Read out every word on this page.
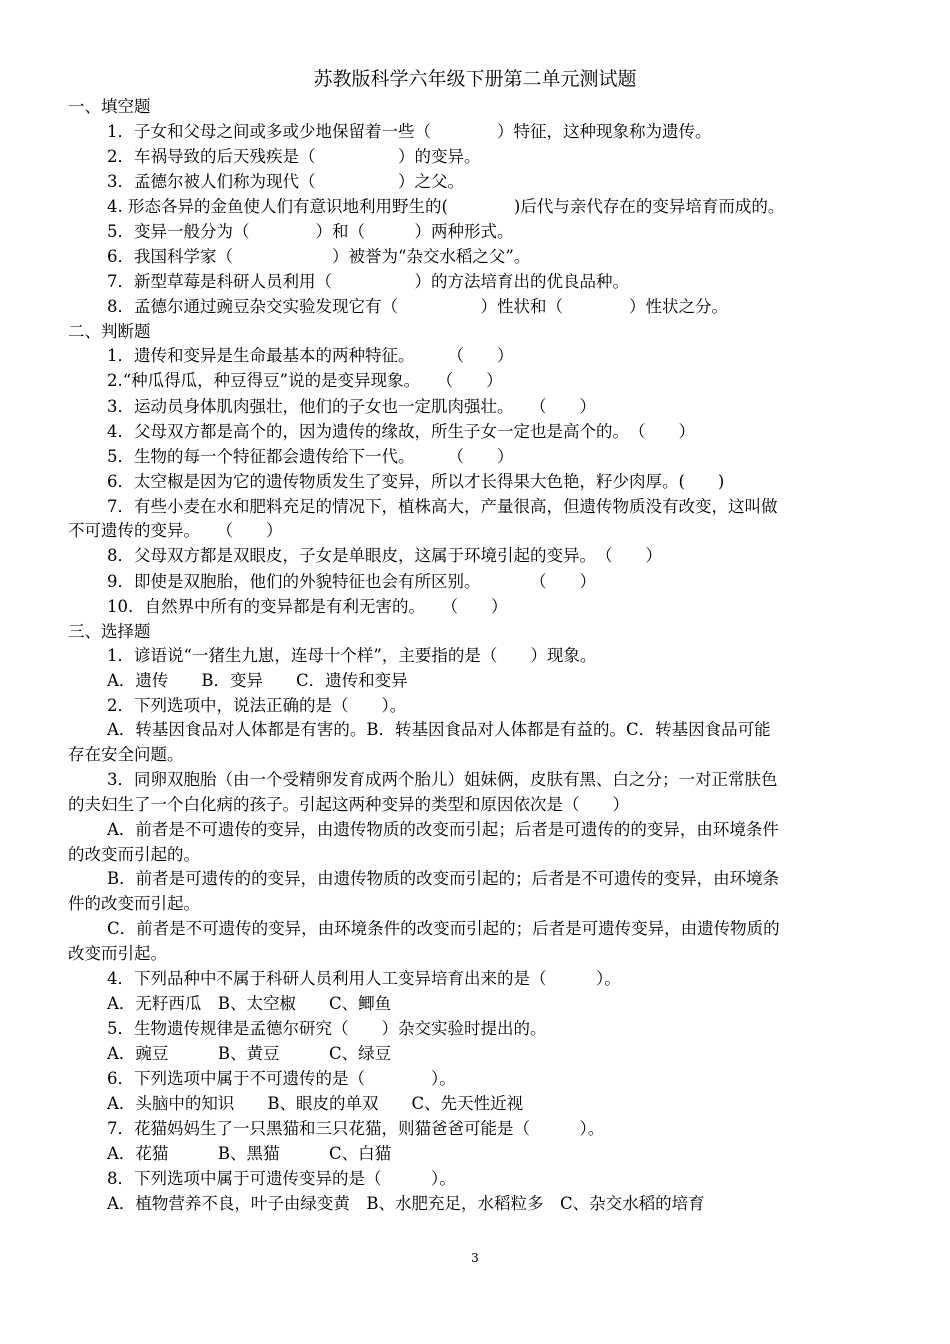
苏教版科学六年级下册第二单元测试题
一、填空题
1．子女和父母之间或多或少地保留着一些（　　　　）特征，这种现象称为遗传。
2．车祸导致的后天残疾是（　　　　　）的变异。
3．孟德尔被人们称为现代（　　　　　）之父。
4. 形态各异的金鱼使人们有意识地利用野生的(　　　　)后代与亲代存在的变异培育而成的。
5．变异一般分为（　　　　）和（　　　）两种形式。
6．我国科学家（　　　　　　）被誉为“杂交水稻之父”。
7．新型草莓是科研人员利用（　　　　　）的方法培育出的优良品种。
8．孟德尔通过豌豆杂交实验发现它有（　　　　　）性状和（　　　　）性状之分。
二、判断题
1．遗传和变异是生命最基本的两种特征。　　　（　　）
2.“种瓜得瓜，种豆得豆”说的是变异现象。　　（　　）
3．运动员身体肌肉强壮，他们的子女也一定肌肉强壮。　　（　　）
4．父母双方都是高个的，因为遗传的缘故，所生子女一定也是高个的。　（　　）
5．生物的每一个特征都会遗传给下一代。　　　（　　）
6．太空椒是因为它的遗传物质发生了变异，所以才长得果大色艳，籽少肉厚。(　　)
7．有些小麦在水和肥料充足的情况下，植株高大，产量很高，但遗传物质没有改变，这叫做
不可遗传的变异。　　（　　）
8．父母双方都是双眼皮，子女是单眼皮，这属于环境引起的变异。　（　　）
9．即使是双胞胎，他们的外貌特征也会有所区别。　　　　（　　）
10．自然界中所有的变异都是有利无害的。　　（　　）
三、选择题
1．谚语说“一猪生九崽，连母十个样”，主要指的是（　　）现象。
A．遗传　　B．变异　　C．遗传和变异
2．下列选项中，说法正确的是（　　）。
A．转基因食品对人体都是有害的。B．转基因食品对人体都是有益的。C．转基因食品可能
存在安全问题。
3．同卵双胞胎（由一个受精卵发育成两个胎儿）姐妹俩，皮肤有黑、白之分；一对正常肤色
的夫妇生了一个白化病的孩子。引起这两种变异的类型和原因依次是（　　）
A．前者是不可遗传的变异，由遗传物质的改变而引起；后者是可遗传的的变异，由环境条件
的改变而引起的。
B．前者是可遗传的的变异，由遗传物质的改变而引起的；后者是不可遗传的变异，由环境条
件的改变而引起。
C．前者是不可遗传的变异，由环境条件的改变而引起的；后者是可遗传变异，由遗传物质的
改变而引起。
4．下列品种中不属于科研人员利用人工变异培育出来的是（　　　）。
A．无籽西瓜　B、太空椒　　C、鲫鱼
5．生物遗传规律是孟德尔研究（　　）杂交实验时提出的。
A．豌豆　　　B、黄豆　　　C、绿豆
6．下列选项中属于不可遗传的是（　　　　）。
A．头脑中的知识　　B、眼皮的单双　　C、先天性近视
7．花猫妈妈生了一只黑猫和三只花猫，则猫爸爸可能是（　　　）。
A．花猫　　　B、黑猫　　　C、白猫
8．下列选项中属于可遗传变异的是（　　　）。
A．植物营养不良，叶子由绿变黄　B、水肥充足，水稻粒多　C、杂交水稻的培育
3
